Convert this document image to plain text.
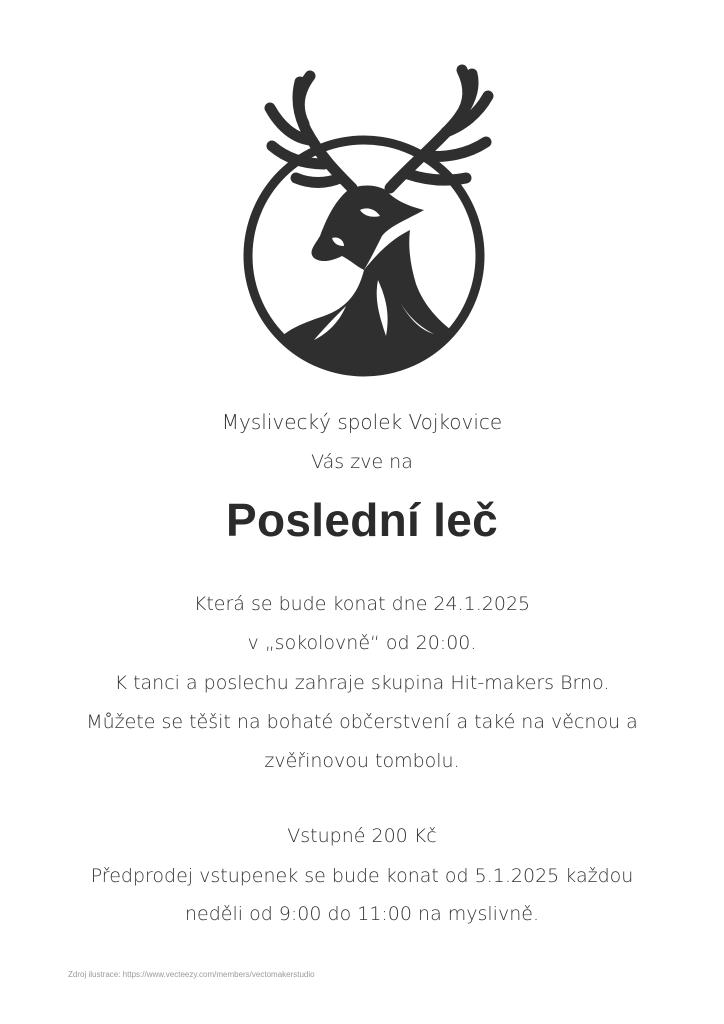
Myslivecký spolek Vojkovice
Vás zve na
Poslední leč
Která se bude konat dne 24.1.2025
v „sokolovně“ od 20:00.
K tanci a poslechu zahraje skupina Hit-makers Brno.
Můžete se těšit na bohaté občerstvení a také na věcnou a
zvěřinovou tombolu.
Vstupné 200 Kč
Předprodej vstupenek se bude konat od 5.1.2025 každou
neděli od 9:00 do 11:00 na myslivně.
Zdroj ilustrace: https://www.vecteezy.com/members/vectomakerstudio
